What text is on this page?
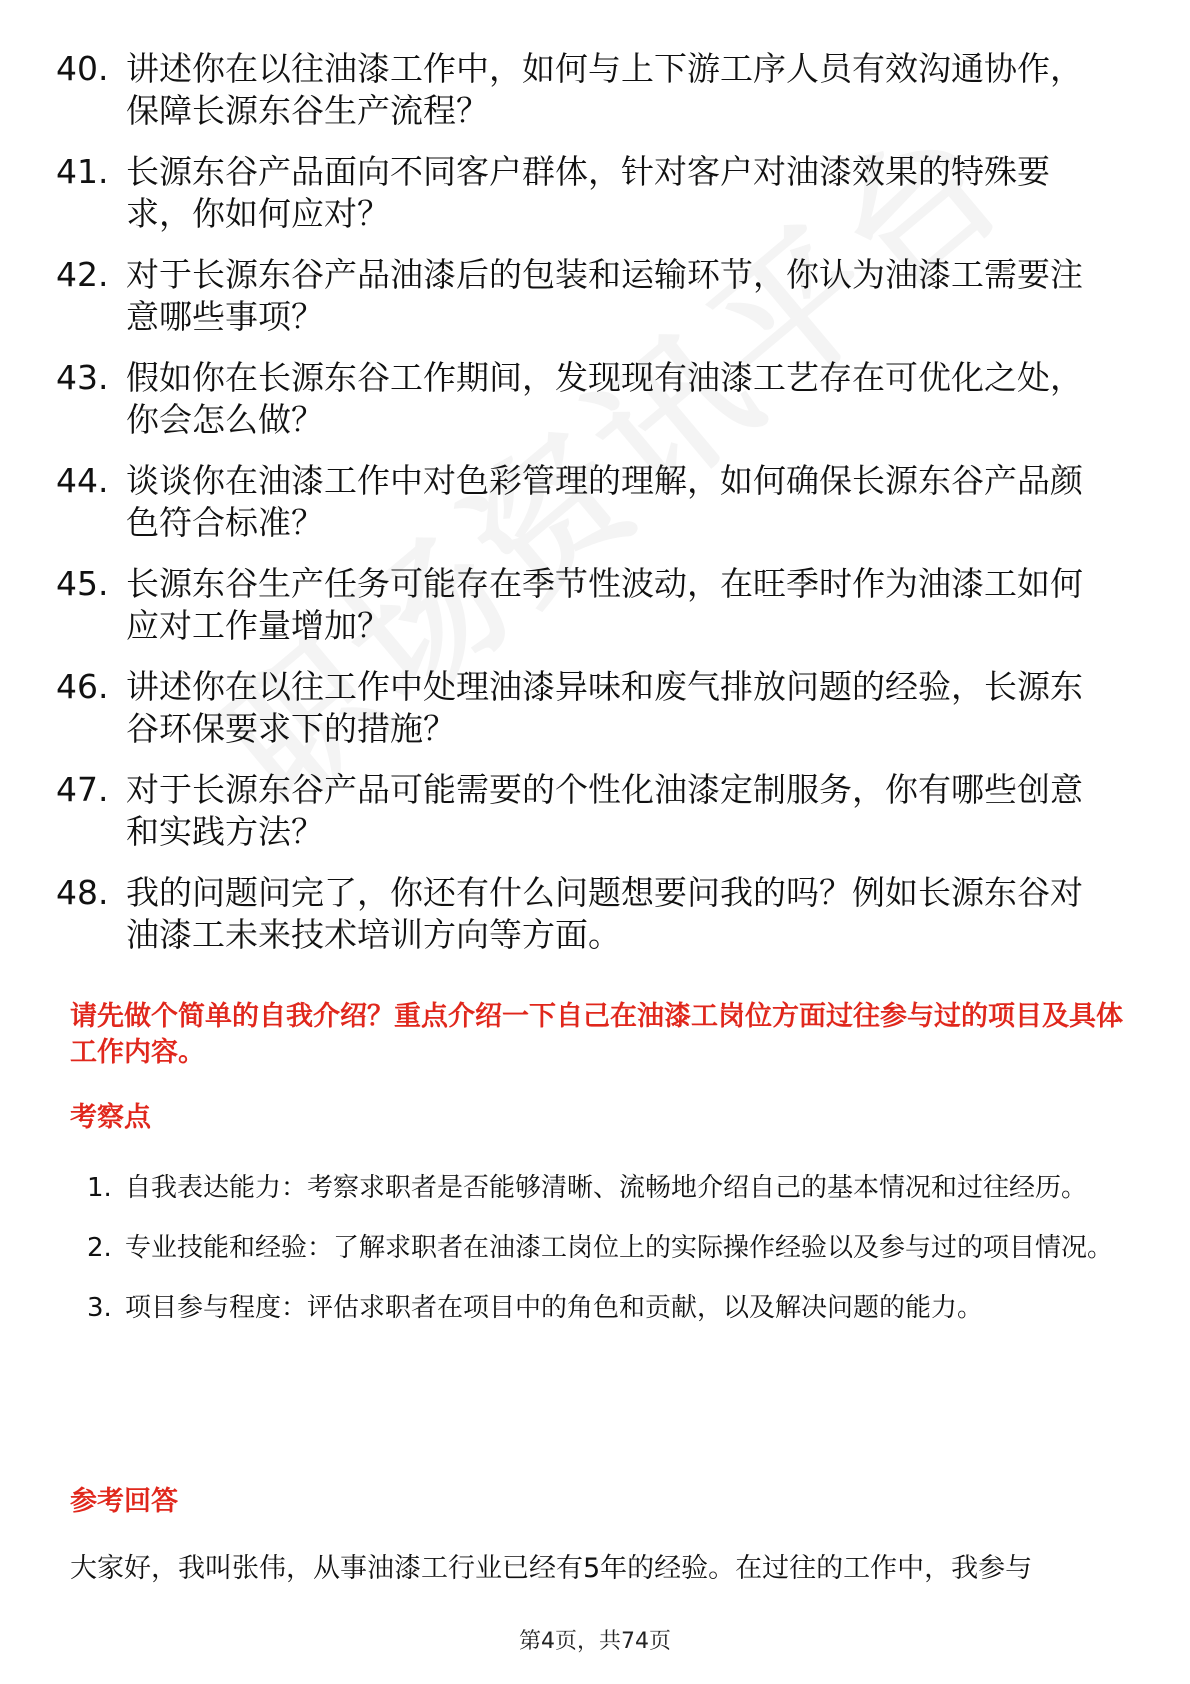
40. 讲述你在以往油漆工作中，如何与上下游工序人员有效沟通协作，保障长源东谷生产流程？
41. 长源东谷产品面向不同客户群体，针对客户对油漆效果的特殊要求，你如何应对？
42. 对于长源东谷产品油漆后的包装和运输环节，你认为油漆工需要注意哪些事项？
43. 假如你在长源东谷工作期间，发现现有油漆工艺存在可优化之处，你会怎么做？
44. 谈谈你在油漆工作中对色彩管理的理解，如何确保长源东谷产品颜色符合标准？
45. 长源东谷生产任务可能存在季节性波动，在旺季时作为油漆工如何应对工作量增加？
46. 讲述你在以往工作中处理油漆异味和废气排放问题的经验，长源东谷环保要求下的措施？
47. 对于长源东谷产品可能需要的个性化油漆定制服务，你有哪些创意和实践方法？
48. 我的问题问完了，你还有什么问题想要问我的吗？例如长源东谷对油漆工未来技术培训方向等方面。
请先做个简单的自我介绍？重点介绍一下自己在油漆工岗位方面过往参与过的项目及具体工作内容。
考察点
1. 自我表达能力：考察求职者是否能够清晰、流畅地介绍自己的基本情况和过往经历。
2. 专业技能和经验：了解求职者在油漆工岗位上的实际操作经验以及参与过的项目情况。
3. 项目参与程度：评估求职者在项目中的角色和贡献，以及解决问题的能力。
参考回答
大家好，我叫张伟，从事油漆工行业已经有5年的经验。在过往的工作中，我参与
第4页，共74页
